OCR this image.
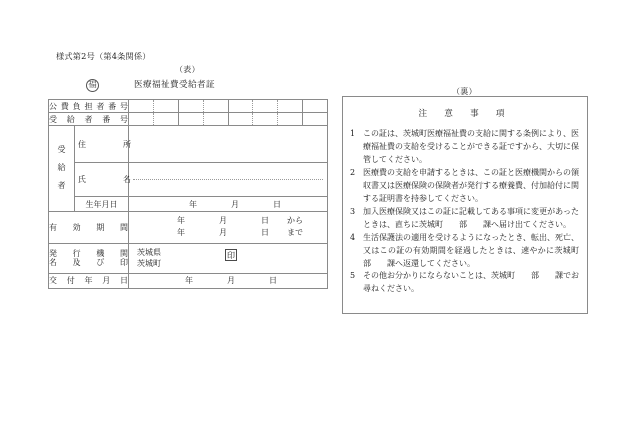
様式第2号（第4条関係）
（表）
（裏）
福	医療福祉費受給者証
公 費 負 担 者 番 号

受 給 者 番 号		

受
給
者	住 所	

	氏 名	

	生年月日	年 月 日

有 効 期 間

年	月	日	から
年	月	日	まで

発 行 機 関
名 及 び 印

茨城県
茨城町
印

交 付 年 月 日		年 月 日
注 意 事 項
1 この証は、茨城町医療福祉費の支給に関する条例により、医療福祉費の支給を受けることができる証ですから、大切に保管してください。
2 医療費の支給を申請するときは、この証と医療機関からの領収書又は医療保険の保険者が発行する療養費、付加給付に関する証明書を持参してください。
3 加入医療保険又はこの証に記載してある事項に変更があったときは、直ちに茨城町　　部　　課へ届け出てください。
4 生活保護法の適用を受けるようになったとき、転出、死亡、又はこの証の有効期間を経過したときは、速やかに茨城町　　部　　課へ返還してください。
5 その他お分かりにならないことは、茨城町　　部　　課でお尋ねください。
